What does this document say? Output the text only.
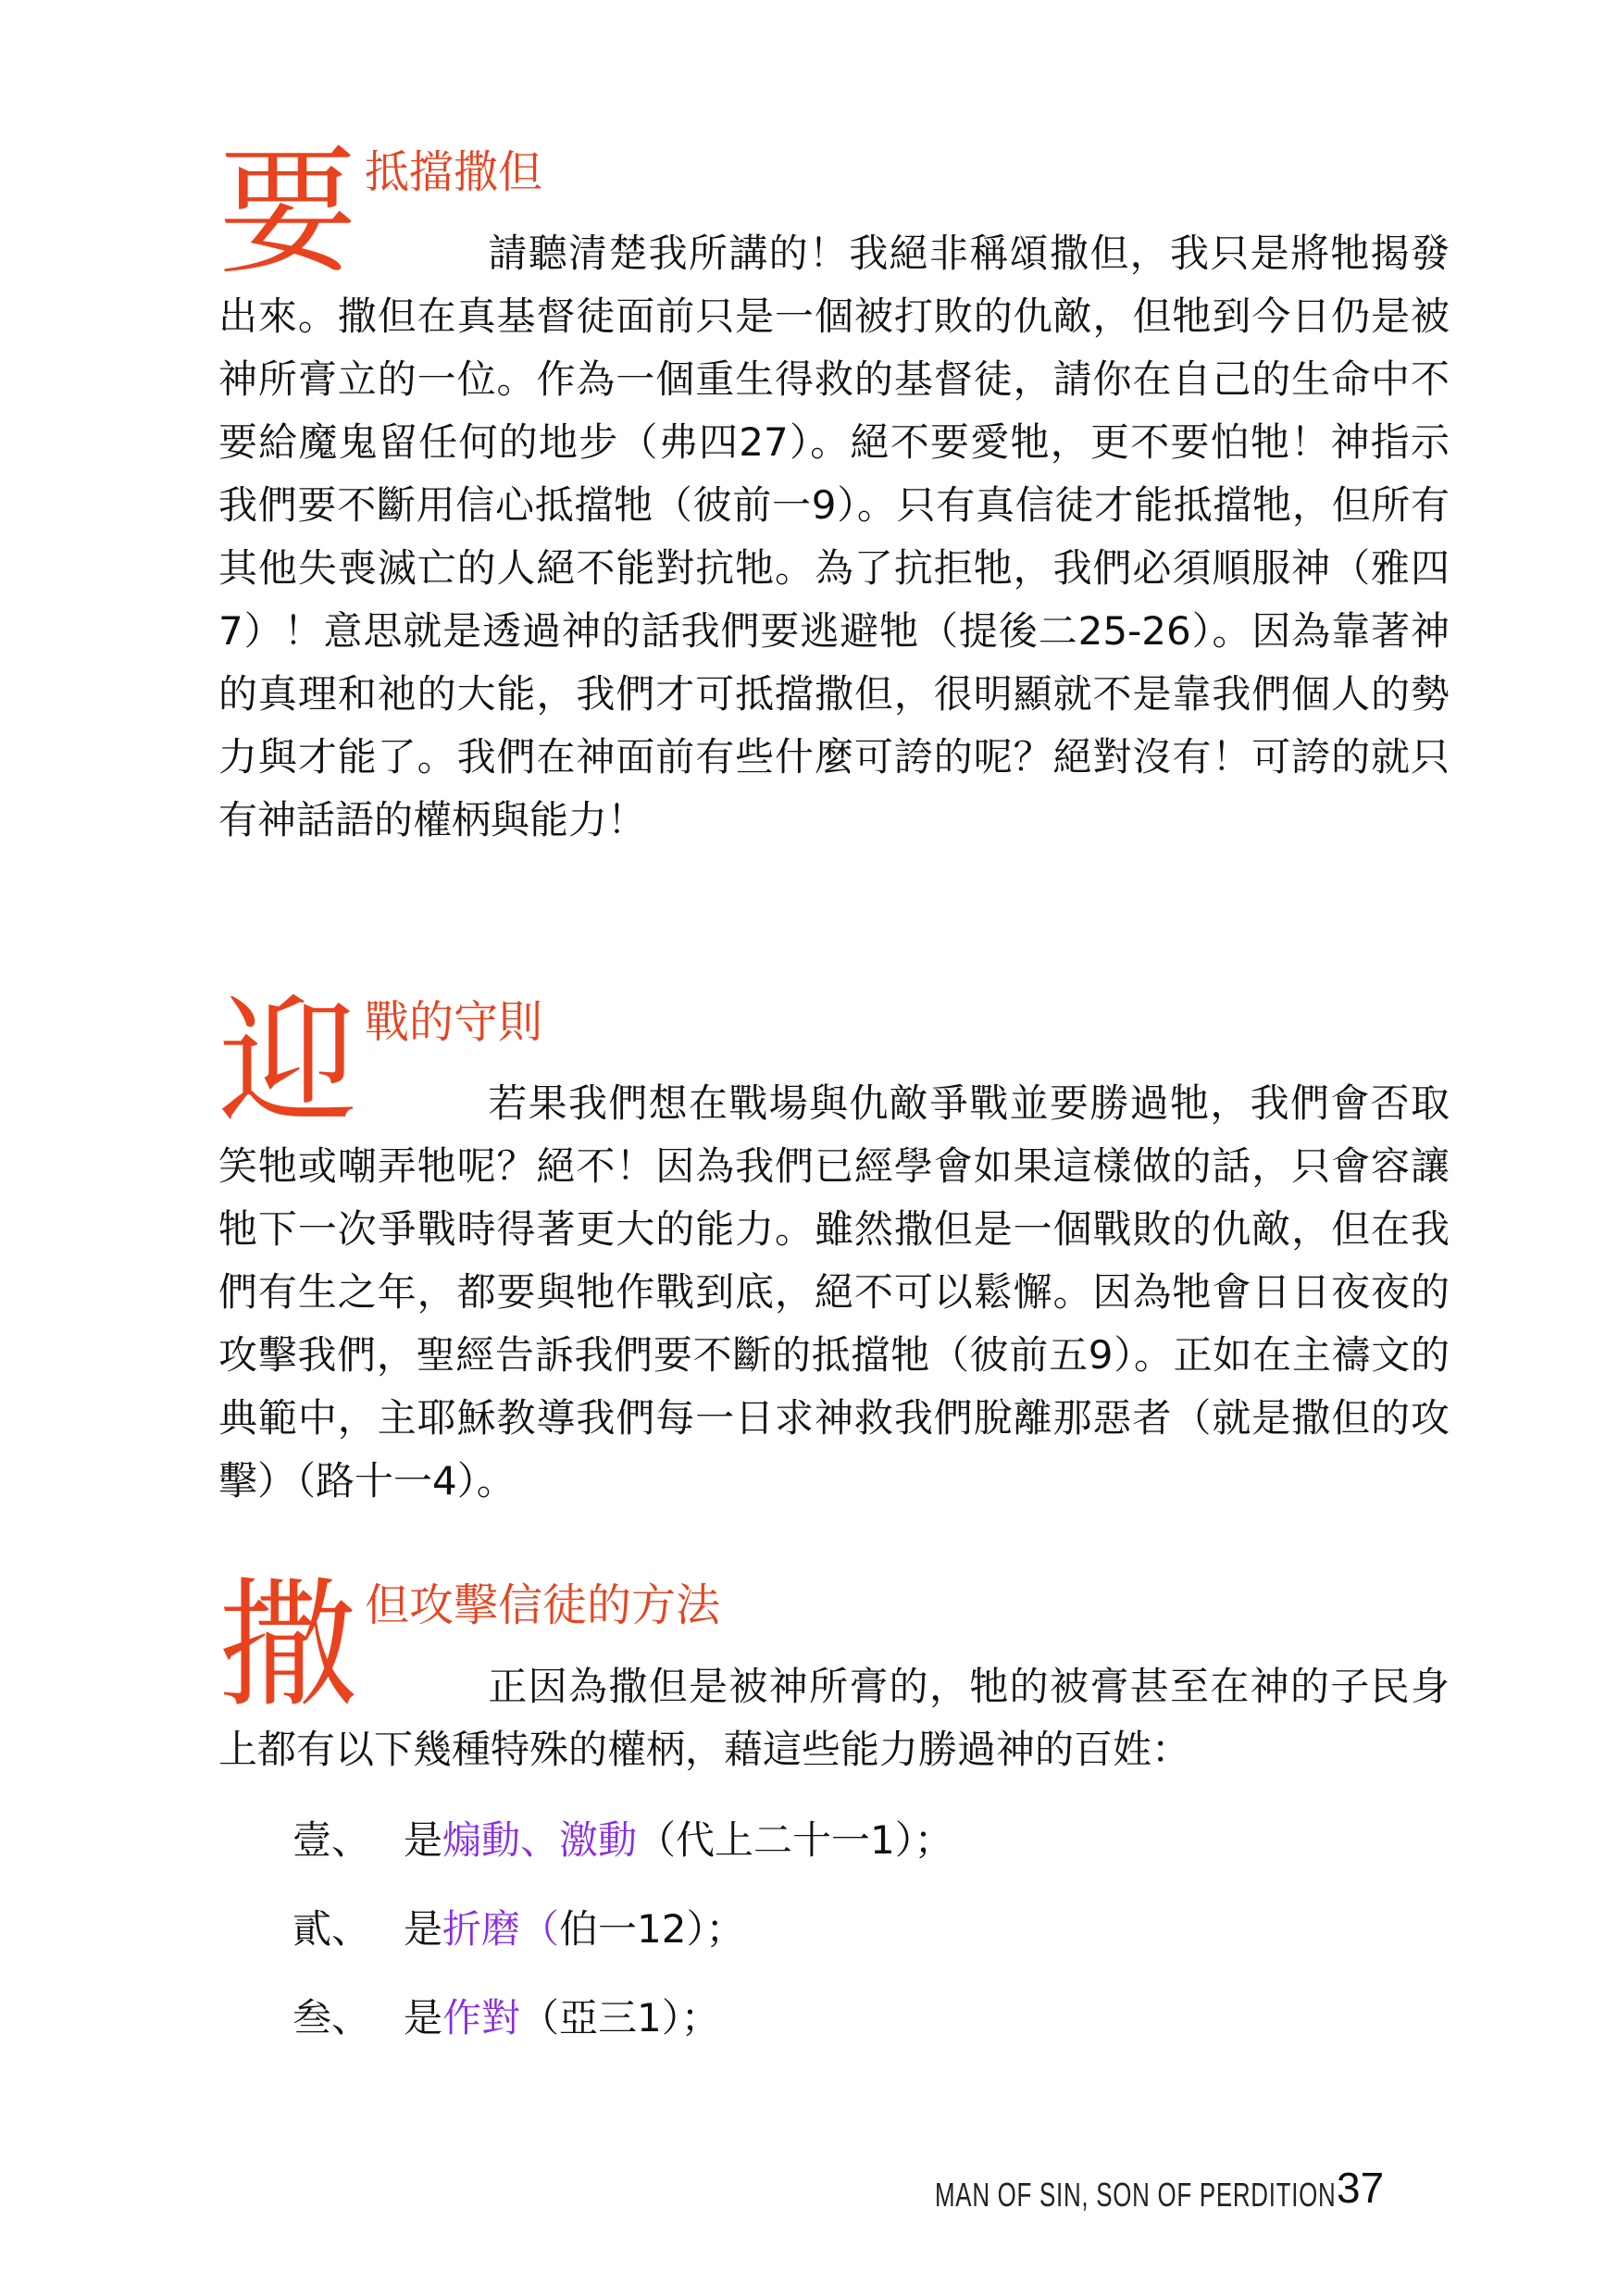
要 抵擋撒但

請聽清楚我所講的！我絕非稱頌撒但，我只是將牠揭發出來。撒但在真基督徒面前只是一個被打敗的仇敵，但牠到今日仍是被神所膏立的一位。作為一個重生得救的基督徒，請你在自己的生命中不要給魔鬼留任何的地步（弗四27）。絕不要愛牠，更不要怕牠！神指示我們要不斷用信心抵擋牠（彼前一9）。只有真信徒才能抵擋牠，但所有其他失喪滅亡的人絕不能對抗牠。為了抗拒牠，我們必須順服神（雅四7）！意思就是透過神的話我們要逃避牠（提後二25-26）。因為靠著神的真理和祂的大能，我們才可抵擋撒但，很明顯就不是靠我們個人的勢力與才能了。我們在神面前有些什麼可誇的呢？絕對沒有！可誇的就只有神話語的權柄與能力！

迎 戰的守則

若果我們想在戰場與仇敵爭戰並要勝過牠，我們會否取笑牠或嘲弄牠呢？絕不！因為我們已經學會如果這樣做的話，只會容讓牠下一次爭戰時得著更大的能力。雖然撒但是一個戰敗的仇敵，但在我們有生之年，都要與牠作戰到底，絕不可以鬆懈。因為牠會日日夜夜的攻擊我們，聖經告訴我們要不斷的抵擋牠（彼前五9）。正如在主禱文的典範中，主耶穌教導我們每一日求神救我們脫離那惡者（就是撒但的攻擊）（路十一4）。

撒 但攻擊信徒的方法

正因為撒但是被神所膏的，牠的被膏甚至在神的子民身上都有以下幾種特殊的權柄，藉這些能力勝過神的百姓：

壹、 是煽動、激動（代上二十一1）；
貳、 是折磨（伯一12）；
叁、 是作對（亞三1）；
MAN OF SIN, SON OF PERDITION 37
